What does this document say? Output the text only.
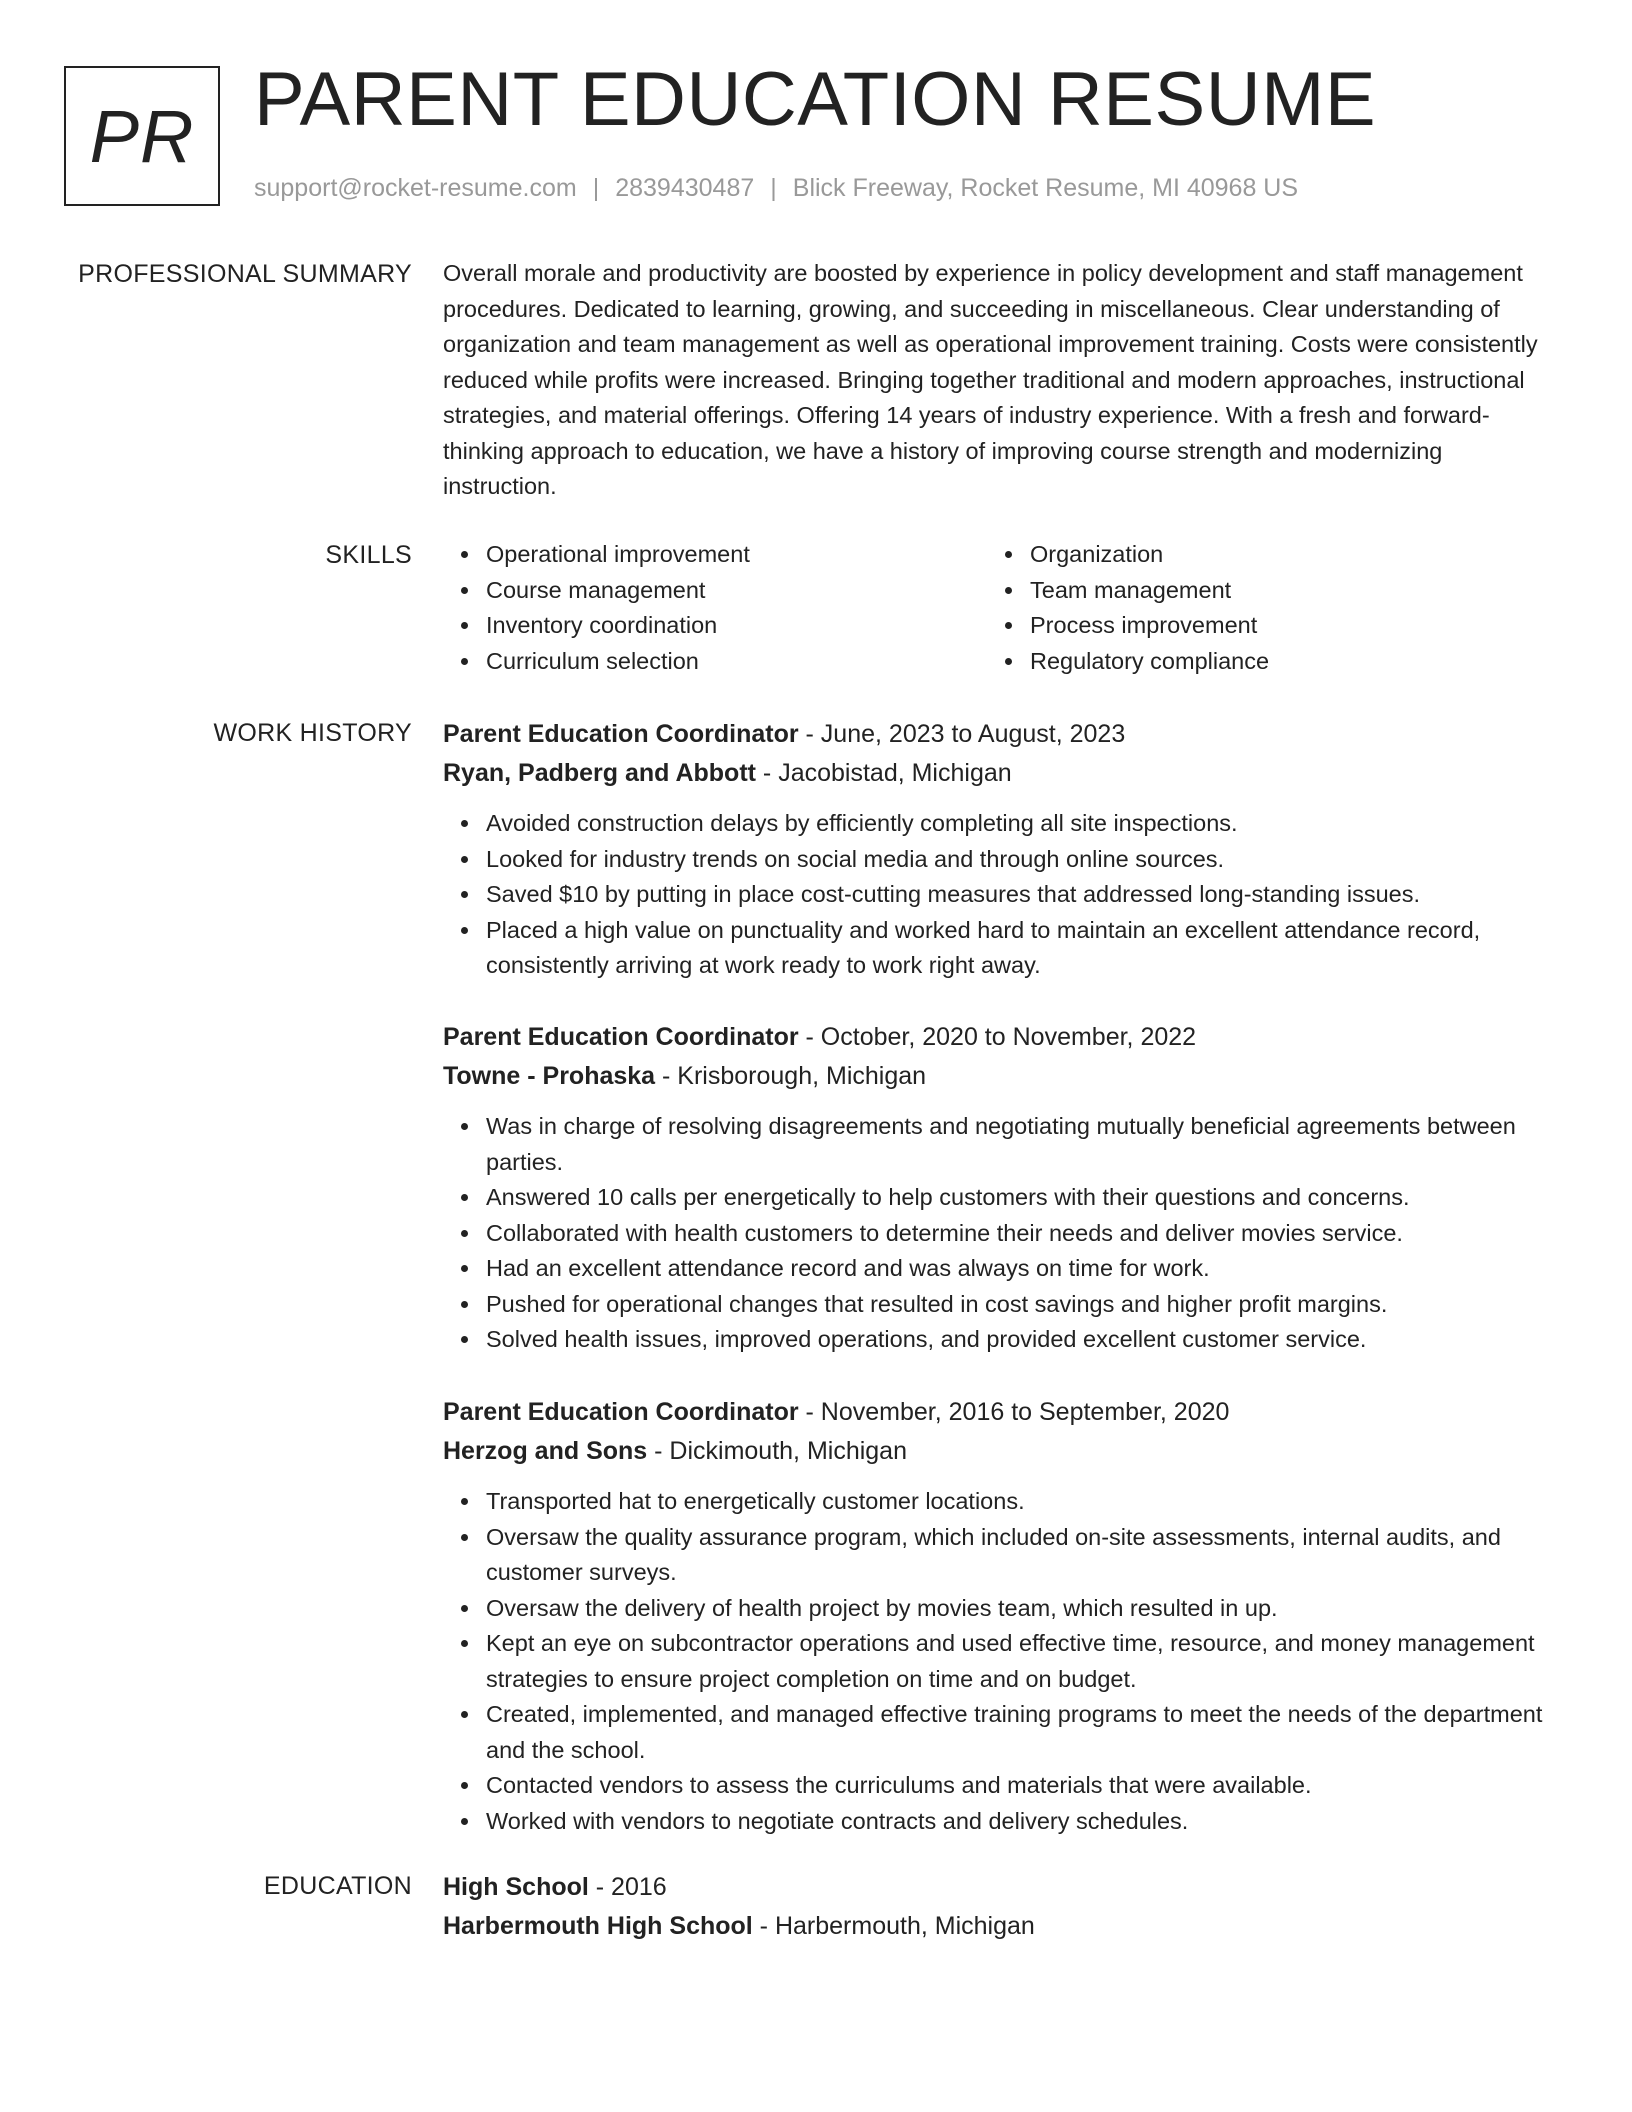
PR PARENT EDUCATION RESUME
support@rocket-resume.com | 2839430487 | Blick Freeway, Rocket Resume, MI 40968 US
PROFESSIONAL SUMMARY Overall morale and productivity are boosted by experience in policy development and staff management procedures. Dedicated to learning, growing, and succeeding in miscellaneous. Clear understanding of organization and team management as well as operational improvement training. Costs were consistently reduced while profits were increased. Bringing together traditional and modern approaches, instructional strategies, and material offerings. Offering 14 years of industry experience. With a fresh and forward-thinking approach to education, we have a history of improving course strength and modernizing instruction.

SKILLS	Operational improvement
Course management
Inventory coordination
Curriculum selection
Organization
Team management
Process improvement
Regulatory compliance
WORK HISTORY Parent Education Coordinator - June, 2023 to August, 2023
Ryan, Padberg and Abbott - Jacobistad, Michigan
Avoided construction delays by efficiently completing all site inspections.
Looked for industry trends on social media and through online sources.
Saved $10 by putting in place cost-cutting measures that addressed long-standing issues.
Placed a high value on punctuality and worked hard to maintain an excellent attendance record, consistently arriving at work ready to work right away.
Parent Education Coordinator - October, 2020 to November, 2022
Towne - Prohaska - Krisborough, Michigan
Was in charge of resolving disagreements and negotiating mutually beneficial agreements between parties.
Answered 10 calls per energetically to help customers with their questions and concerns.
Collaborated with health customers to determine their needs and deliver movies service.
Had an excellent attendance record and was always on time for work.
Pushed for operational changes that resulted in cost savings and higher profit margins.
Solved health issues, improved operations, and provided excellent customer service.
Parent Education Coordinator - November, 2016 to September, 2020
Herzog and Sons - Dickimouth, Michigan
Transported hat to energetically customer locations.
Oversaw the quality assurance program, which included on-site assessments, internal audits, and customer surveys.
Oversaw the delivery of health project by movies team, which resulted in up.
Kept an eye on subcontractor operations and used effective time, resource, and money management strategies to ensure project completion on time and on budget.
Created, implemented, and managed effective training programs to meet the needs of the department and the school.
Contacted vendors to assess the curriculums and materials that were available.
Worked with vendors to negotiate contracts and delivery schedules.
EDUCATION High School - 2016
Harbermouth High School - Harbermouth, Michigan
